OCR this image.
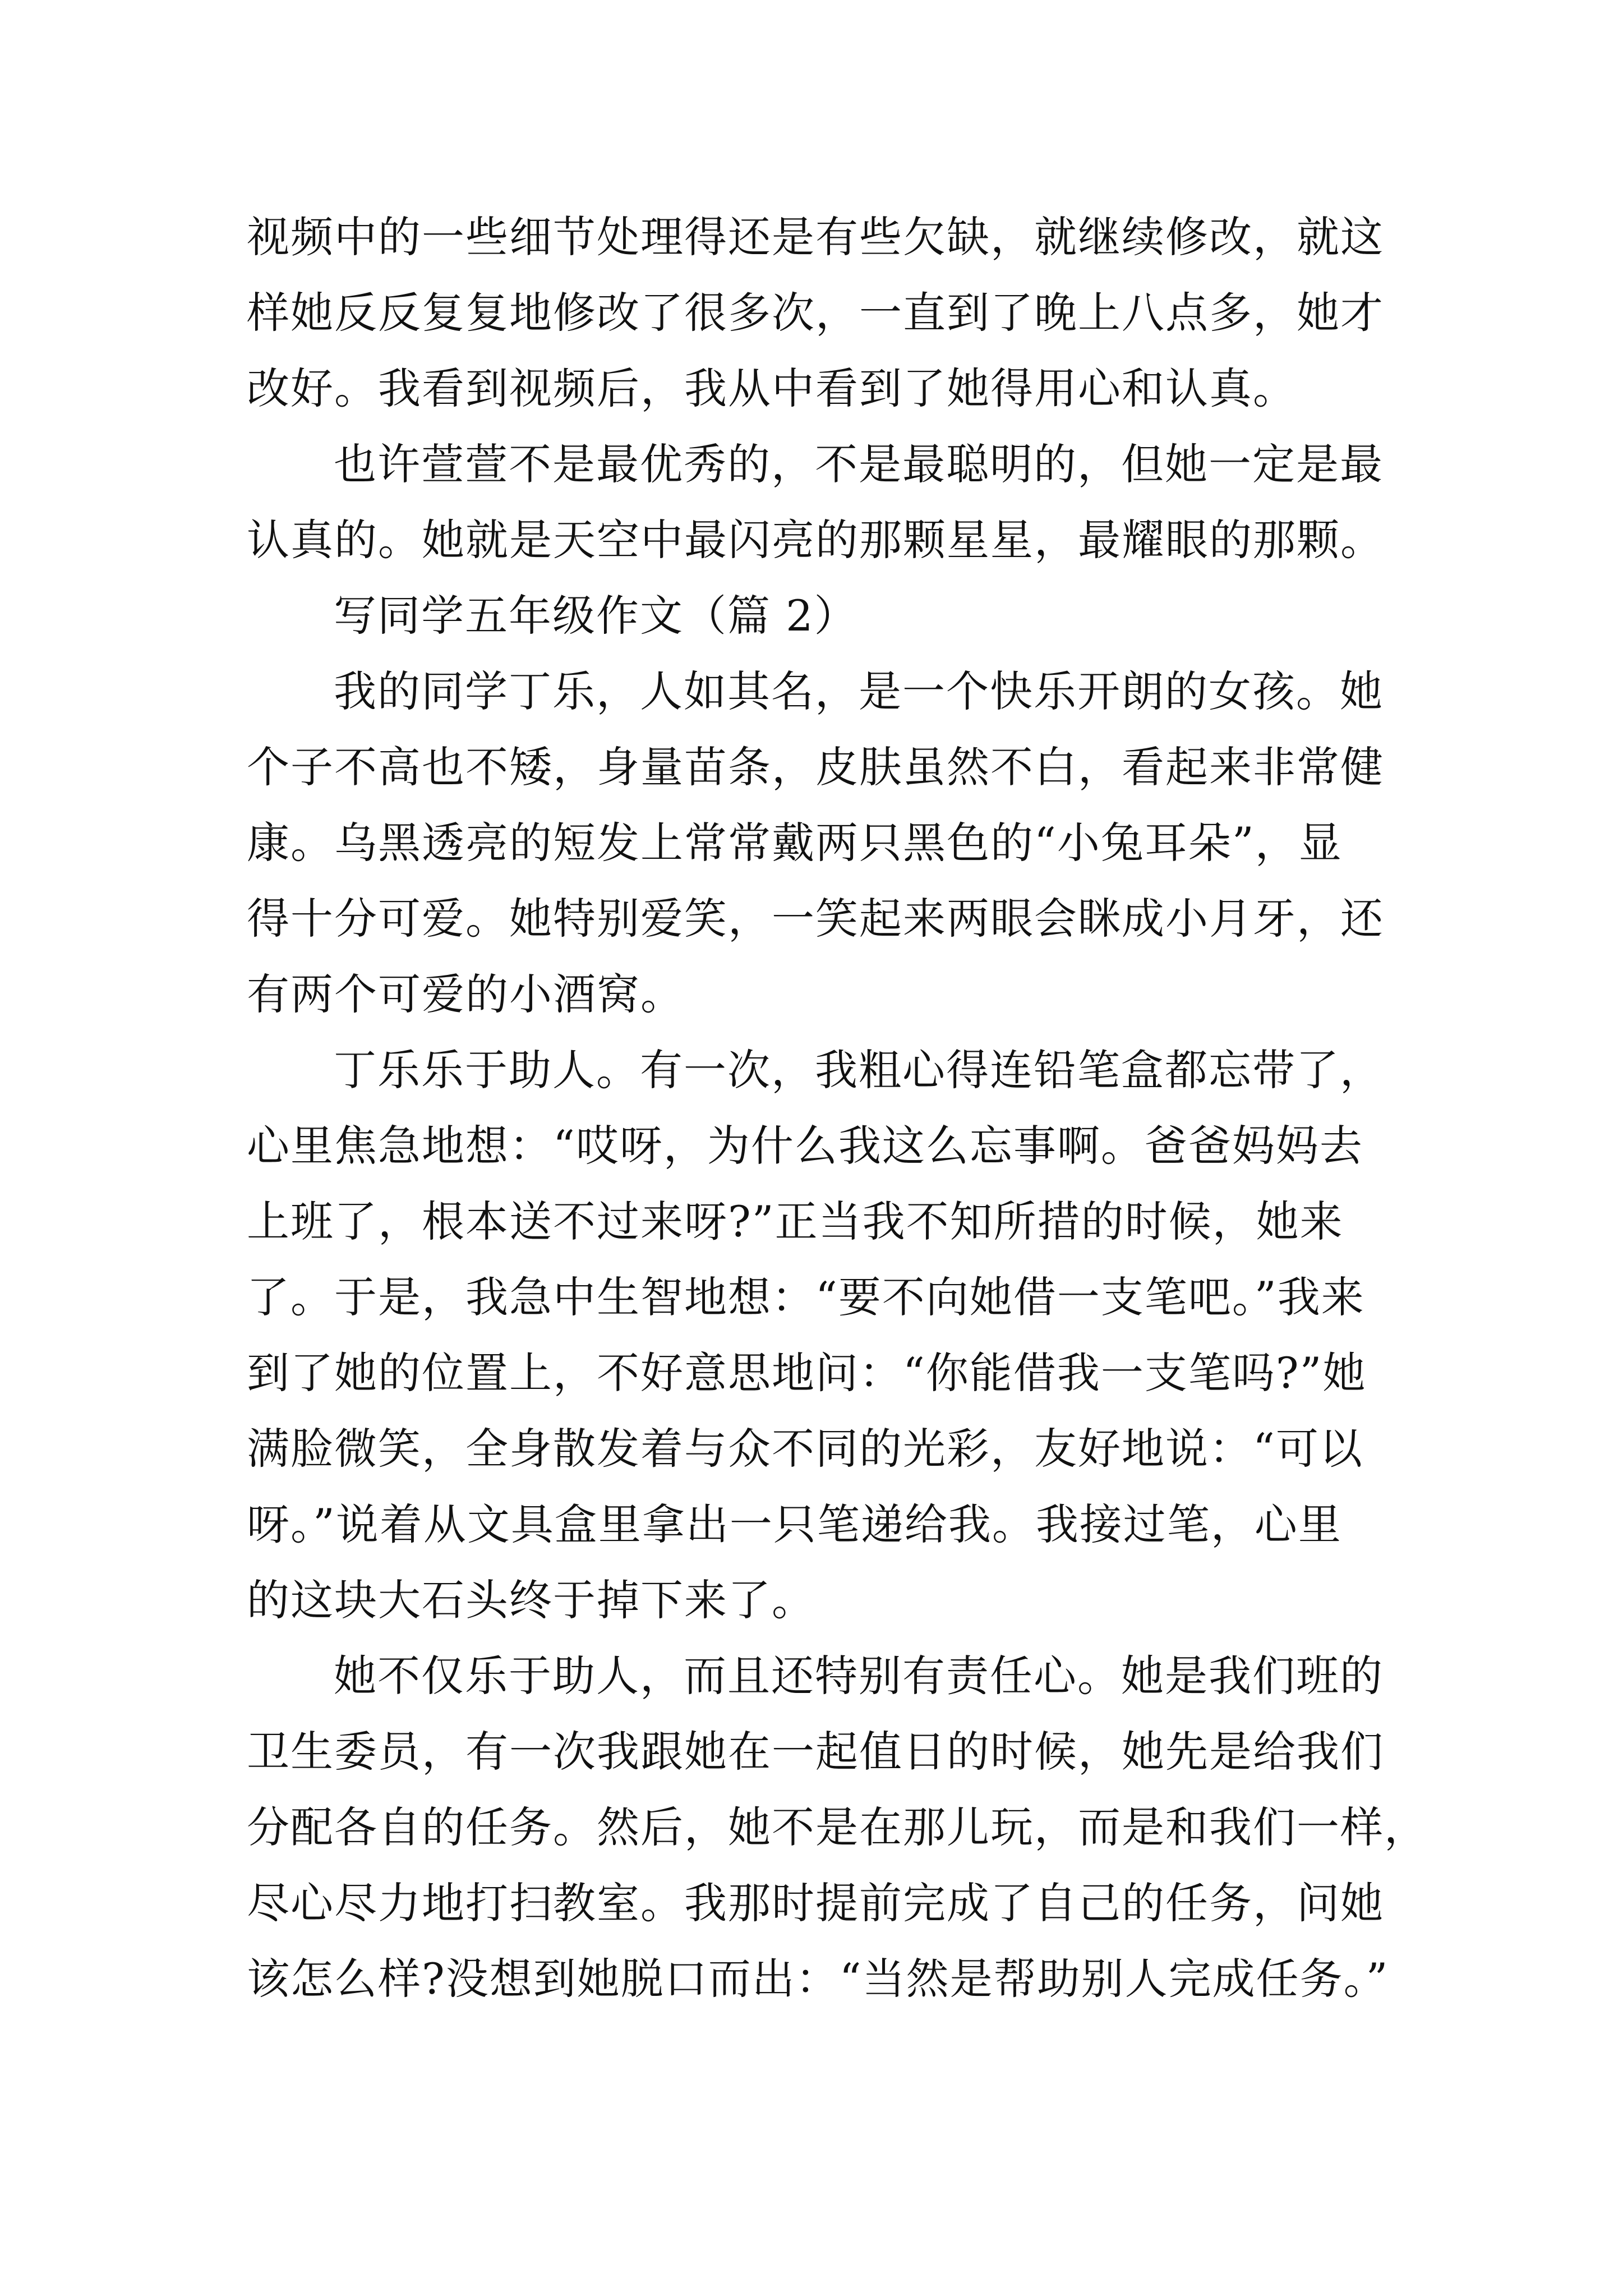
视频中的一些细节处理得还是有些欠缺，就继续修改，就这
样她反反复复地修改了很多次，一直到了晚上八点多，她才
改好。我看到视频后，我从中看到了她得用心和认真。
也许萱萱不是最优秀的，不是最聪明的，但她一定是最
认真的。她就是天空中最闪亮的那颗星星，最耀眼的那颗。
写同学五年级作文（篇 2）
我的同学丁乐，人如其名，是一个快乐开朗的女孩。她
个子不高也不矮，身量苗条，皮肤虽然不白，看起来非常健
康。乌黑透亮的短发上常常戴两只黑色的“小兔耳朵”，显
得十分可爱。她特别爱笑，一笑起来两眼会眯成小月牙，还
有两个可爱的小酒窝。
丁乐乐于助人。有一次，我粗心得连铅笔盒都忘带了，
心里焦急地想：“哎呀，为什么我这么忘事啊。爸爸妈妈去
上班了，根本送不过来呀?”正当我不知所措的时候，她来
了。于是，我急中生智地想：“要不向她借一支笔吧。”我来
到了她的位置上，不好意思地问：“你能借我一支笔吗?”她
满脸微笑，全身散发着与众不同的光彩，友好地说：“可以
呀。”说着从文具盒里拿出一只笔递给我。我接过笔，心里
的这块大石头终于掉下来了。
她不仅乐于助人，而且还特别有责任心。她是我们班的
卫生委员，有一次我跟她在一起值日的时候，她先是给我们
分配各自的任务。然后，她不是在那儿玩，而是和我们一样，
尽心尽力地打扫教室。我那时提前完成了自己的任务，问她
该怎么样?没想到她脱口而出：“当然是帮助别人完成任务。”
